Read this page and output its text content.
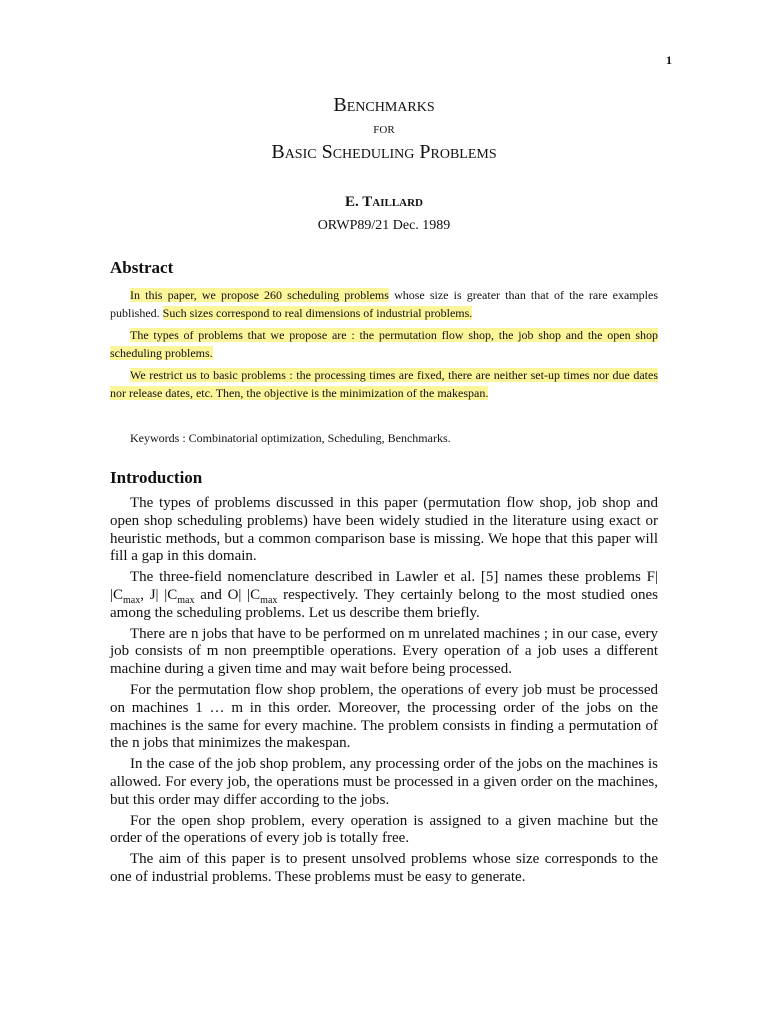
1
Benchmarks
for
Basic Scheduling Problems
E. Taillard
ORWP89/21 Dec. 1989
Abstract

In this paper, we propose 260 scheduling problems whose size is greater than that of the rare examples published. Such sizes correspond to real dimensions of industrial problems.

The types of problems that we propose are : the permutation flow shop, the job shop and the open shop scheduling problems.

We restrict us to basic problems : the processing times are fixed, there are neither set-up times nor due dates nor release dates, etc. Then, the objective is the minimization of the makespan.

Keywords : Combinatorial optimization, Scheduling, Benchmarks.
Introduction

The types of problems discussed in this paper (permutation flow shop, job shop and open shop scheduling problems) have been widely studied in the literature using exact or heuristic methods, but a common comparison base is missing. We hope that this paper will fill a gap in this domain.

The three-field nomenclature described in Lawler et al. [5] names these problems F| $|C_{max}$, J| $|C_{max}$ and O| $|C_{max}$ respectively. They certainly belong to the most studied ones among the scheduling problems. Let us describe them briefly.

There are n jobs that have to be performed on m unrelated machines ; in our case, every job consists of m non preemptible operations. Every operation of a job uses a different machine during a given time and may wait before being processed.

For the permutation flow shop problem, the operations of every job must be processed on machines 1 … m in this order. Moreover, the processing order of the jobs on the machines is the same for every machine. The problem consists in finding a permutation of the n jobs that minimizes the makespan.

In the case of the job shop problem, any processing order of the jobs on the machines is allowed. For every job, the operations must be processed in a given order on the machines, but this order may differ according to the jobs.

For the open shop problem, every operation is assigned to a given machine but the order of the operations of every job is totally free.

The aim of this paper is to present unsolved problems whose size corresponds to the one of industrial problems. These problems must be easy to generate.
